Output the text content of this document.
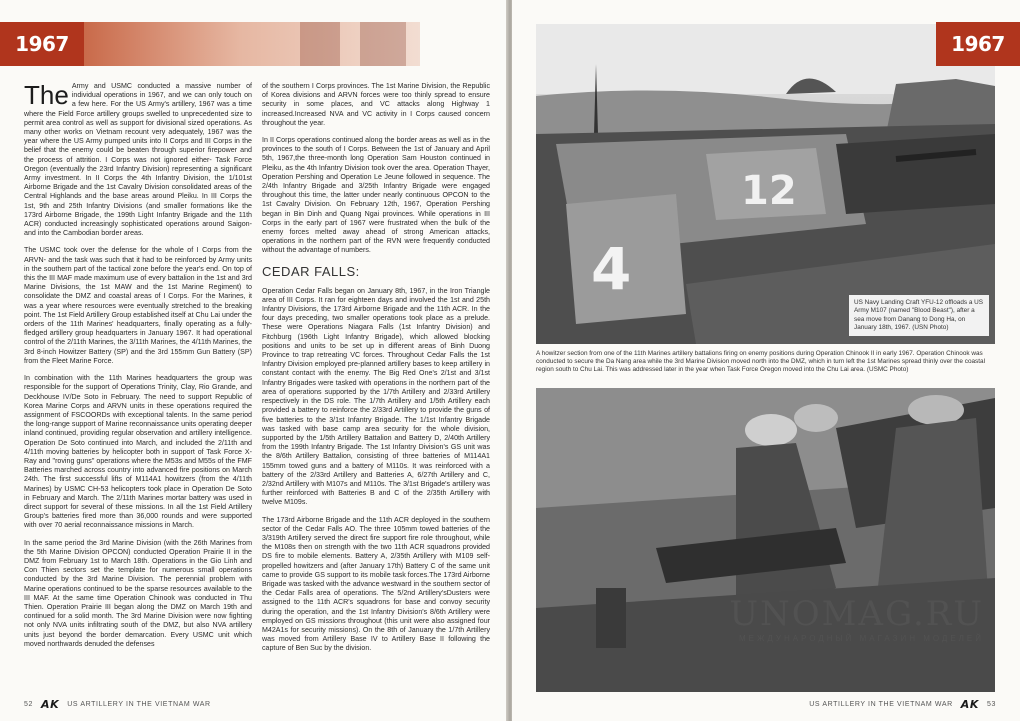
1967

The Army and USMC conducted a massive number of individual operations in 1967, and we can only touch on a few here. For the US Army's artillery, 1967 was a time where the Field Force artillery groups swelled to unprecedented size to permit area control as well as support for divisional sized operations. As many other works on Vietnam recount very adequately, 1967 was the year where the US Army pumped units into II Corps and III Corps in the belief that the enemy could be beaten through superior firepower and the process of attrition. I Corps was not ignored either- Task Force Oregon (eventually the 23rd Infantry Division) representing a significant Army investment. In II Corps the 4th Infantry Division, the 1/101st Airborne Brigade and the 1st Cavalry Division consolidated areas of the Central Highlands and the base areas around Pleiku. In III Corps the 1st, 9th and 25th Infantry Divisions (and smaller formations like the 173rd Airborne Brigade, the 199th Light Infantry Brigade and the 11th ACR) conducted increasingly sophisticated operations around Saigon- and into the Cambodian border areas.

The USMC took over the defense for the whole of I Corps from the ARVN- and the task was such that it had to be reinforced by Army units in the southern part of the tactical zone before the year's end. On top of this the III MAF made maximum use of every battalion in the 1st and 3rd Marine Divisions, the 1st MAW and the 1st Marine Regiment) to consolidate the DMZ and coastal areas of I Corps. For the Marines, it was a year where resources were eventually stretched to the breaking point. The 1st Field Artillery Group established itself at Chu Lai under the orders of the 11th Marines' headquarters, finally operating as a fully-fledged artillery group headquarters in January 1967. It had operational control of the 2/11th Marines, the 3/11th Marines, the 4/11th Marines, the 3rd 8-inch Howitzer Battery (SP) and the 3rd 155mm Gun Battery (SP) from the Fleet Marine Force.

In combination with the 11th Marines headquarters the group was responsible for the support of Operations Trinity, Clay, Rio Grande, and Deckhouse IV/De Soto in February. The need to support Republic of Korea Marine Corps and ARVN units in these operations required the assignment of FSCOORDs with exceptional talents. In the same period the long-range support of Marine reconnaissance units operating deeper inland continued, providing regular observation and artillery intelligence. Operation De Soto continued into March, and included the 2/11th and 4/11th moving batteries by helicopter both in support of Task Force X-Ray and "roving guns" operations where the M53s and M55s of the FMF Batteries marched across country into advanced fire positions on March 24th. The first successful lifts of M114A1 howitzers (from the 4/11th Marines) by USMC CH-53 helicopters took place in Operation De Soto in February and March. The 2/11th Marines mortar battery was used in direct support for several of these missions. In all the 1st Field Artillery Group's batteries fired more than 36,000 rounds and were supported with over 70 aerial reconnaissance missions in March.

In the same period the 3rd Marine Division (with the 26th Marines from the 5th Marine Division OPCON) conducted Operation Prairie II in the DMZ from February 1st to March 18th. Operations in the Gio Linh and Con Thien sectors set the template for numerous small operations conducted by the 3rd Marine Division. The perennial problem with Marine operations continued to be the sparse resources available to the III MAF. At the same time Operation Chinook was conducted in Thu Thien. Operation Prairie III began along the DMZ on March 19th and continued for a solid month. The 3rd Marine Division were now fighting not only NVA units infiltrating south of the DMZ, but also NVA artillery units just beyond the border demarcation. Every USMC unit which moved northwards denuded the defenses

of the southern I Corps provinces. The 1st Marine Division, the Republic of Korea divisions and ARVN forces were too thinly spread to ensure security in some places, and VC attacks along Highway 1 increased.Increased NVA and VC activity in I Corps caused concern throughout the year.

In II Corps operations continued along the border areas as well as in the provinces to the south of I Corps. Between the 1st of January and April 5th, 1967,the three-month long Operation Sam Houston continued in Pleiku, as the 4th Infantry Division took over the area. Operation Thayer, Operation Pershing and Operation Le Jeune followed in sequence. The 2/4th Infantry Brigade and 3/25th Infantry Brigade were engaged throughout this time, the latter under nearly continuous OPCON to the 1st Cavalry Division. On February 12th, 1967, Operation Pershing began in Bin Dinh and Quang Ngai provinces. While operations in III Corps in the early part of 1967 were frustrated when the bulk of the enemy forces melted away ahead of strong American attacks, operations in the northern part of the RVN were frequently conducted without the advantage of numbers.

CEDAR FALLS:

Operation Cedar Falls began on January 8th, 1967, in the Iron Triangle area of III Corps. It ran for eighteen days and involved the 1st and 25th Infantry Divisions, the 173rd Airborne Brigade and the 11th ACR. In the four days preceding, two smaller operations took place as a prelude. These were Operations Niagara Falls (1st Infantry Division) and Fitchburg (196th Light Infantry Brigade), which allowed blocking positions and units to be set up in different areas of Binh Duong Province to trap retreating VC forces. Throughout Cedar Falls the 1st Infantry Division employed pre-planned artillery bases to keep artillery in constant contact with the enemy. The Big Red One's 2/1st and 3/1st Infantry Brigades were tasked with operations in the northern part of the area of operations supported by the 1/7th Artillery and 2/33rd Artillery respectively in the DS role. The 1/7th Artillery and 1/5th Artillery each provided a battery to reinforce the 2/33rd Artillery to provide the guns of five batteries to the 3/1st Infantry Brigade. The 1/1st Infantry Brigade was tasked with base camp area security for the whole division, supported by the 1/5th Artillery Battalion and Battery D, 2/40th Artillery from the 199th Infantry Brigade. The 1st Infantry Division's GS unit was the 8/6th Artillery Battalion, consisting of three batteries of M114A1 155mm towed guns and a battery of M110s. It was reinforced with a battery of the 2/33rd Artillery and Batteries A, 6/27th Artillery and C, 2/32nd Artillery with M107s and M110s. The 3/1st Brigade's artillery was further reinforced with Batteries B and C of the 2/35th Artillery with twelve M109s.

The 173rd Airborne Brigade and the 11th ACR deployed in the southern sector of the Cedar Falls AO. The three 105mm towed batteries of the 3/319th Artillery served the direct fire support fire role throughout, while the M108s then on strength with the two 11th ACR squadrons provided DS fire to mobile elements. Battery A, 2/35th Artillery with M109 self-propelled howitzers and (after January 17th) Battery C of the same unit came to provide GS support to its mobile task forces.The 173rd Airborne Brigade was tasked with the advance westward in the southern sector of the Cedar Falls area of operations. The 5/2nd Artillery'sDusters were assigned to the 11th ACR's squadrons for base and convoy security during the operation, and the 1st Infantry Division's 8/6th Artillery were employed on GS missions throughout (this unit were also assigned four M42A1s for security missions). On the 8th of January the 1/7th Artillery was moved from Artillery Base IV to Artillery Base II following the capture of Ben Suc by the division.

52 AK US ARTILLERY IN THE VIETNAM WAR
12
4	US Navy Landing Craft YFU-12 offloads a US Army M107 (named "Blood Beast"), after a sea move from Danang to Dong Ha, on January 18th, 1967. (USN Photo)
1967
A howitzer section from one of the 11th Marines artillery battalions firing on enemy positions during Operation Chinook II in early 1967. Operation Chinook was conducted to secure the Da Nang area while the 3rd Marine Division moved north into the DMZ, which in turn left the 1st Marines spread thinly over the coastal region south to Chu Lai. This was addressed later in the year when Task Force Oregon moved into the Chu Lai area. (USMC Photo)
UNOMAG.RU
МЕЖДУНАРОДНЫЙ МАГАЗИН МОДЕЛЕЙ
US ARTILLERY IN THE VIETNAM WAR AK 53
